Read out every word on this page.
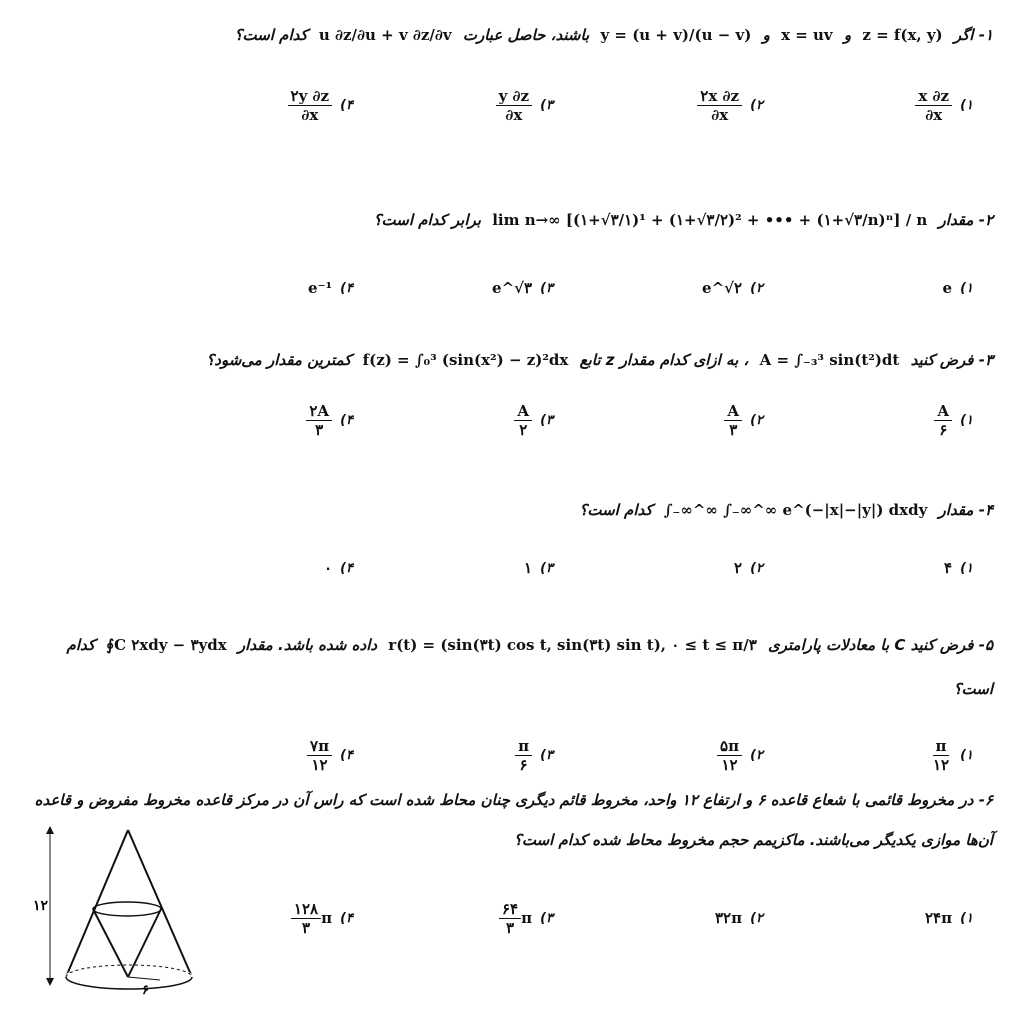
۱- اگر z = f(x, y) و x = uv و y = (u + v)/(u − v) باشند، حاصل عبارت u ∂z/∂u + v ∂z/∂v کدام است؟
$\frac{x \partial z}{\partial x}$ ۱)
$\frac{۲x \partial z}{\partial x}$ ۲)
$\frac{y \partial z}{\partial x}$ ۳)
$\frac{۲y \partial z}{\partial x}$ ۴)
۲- مقدار lim n→∞ [(۱+√۳/۱)¹ + (۱+√۳/۲)² + ••• + (۱+√۳/n)ⁿ] / n برابر کدام است؟
e ۱)
e^√۲ ۲)
e^√۳ ۳)
e⁻¹ ۴)
۳- فرض کنید A = ∫₋₃³ sin(t²)dt ، به ازای کدام مقدار z تابع f(z) = ∫₀³ (sin(x²) − z)²dx کمترین مقدار می‌شود؟
$\frac{A}{۶}$ ۱)
$\frac{A}{۳}$ ۲)
$\frac{A}{۲}$ ۳)
$\frac{۲A}{۳}$ ۴)
۴- مقدار ∫₋∞^∞ ∫₋∞^∞ e^(−|x|−|y|) dxdy کدام است؟
۴ ۱)
۲ ۲)
۱ ۳)
۰ ۴)
۵- فرض کنید C با معادلات پارامتری r(t) = (sin(۳t) cos t, sin(۳t) sin t), ۰ ≤ t ≤ π/۳ داده شده باشد. مقدار ∮C ۲xdy − ۳ydx کدام
است؟
$\frac{\pi}{۱۲}$ ۱)
$\frac{۵\pi}{۱۲}$ ۲)
$\frac{\pi}{۶}$ ۳)
$\frac{۷\pi}{۱۲}$ ۴)
۶- در مخروط قائمی با شعاع قاعده ۶ و ارتفاع ۱۲ واحد، مخروط قائم دیگری چنان محاط شده است که راس آن در مرکز قاعده مخروط مفروض و قاعده
آن‌ها موازی یکدیگر می‌باشند. ماکزیمم حجم مخروط محاط شده کدام است؟
۲۴π ۱)
۳۲π ۲)
$\frac{۶۴}{۳}$ π ۳)
$\frac{۱۲۸}{۳}$ π ۴)
۱۲
۶
